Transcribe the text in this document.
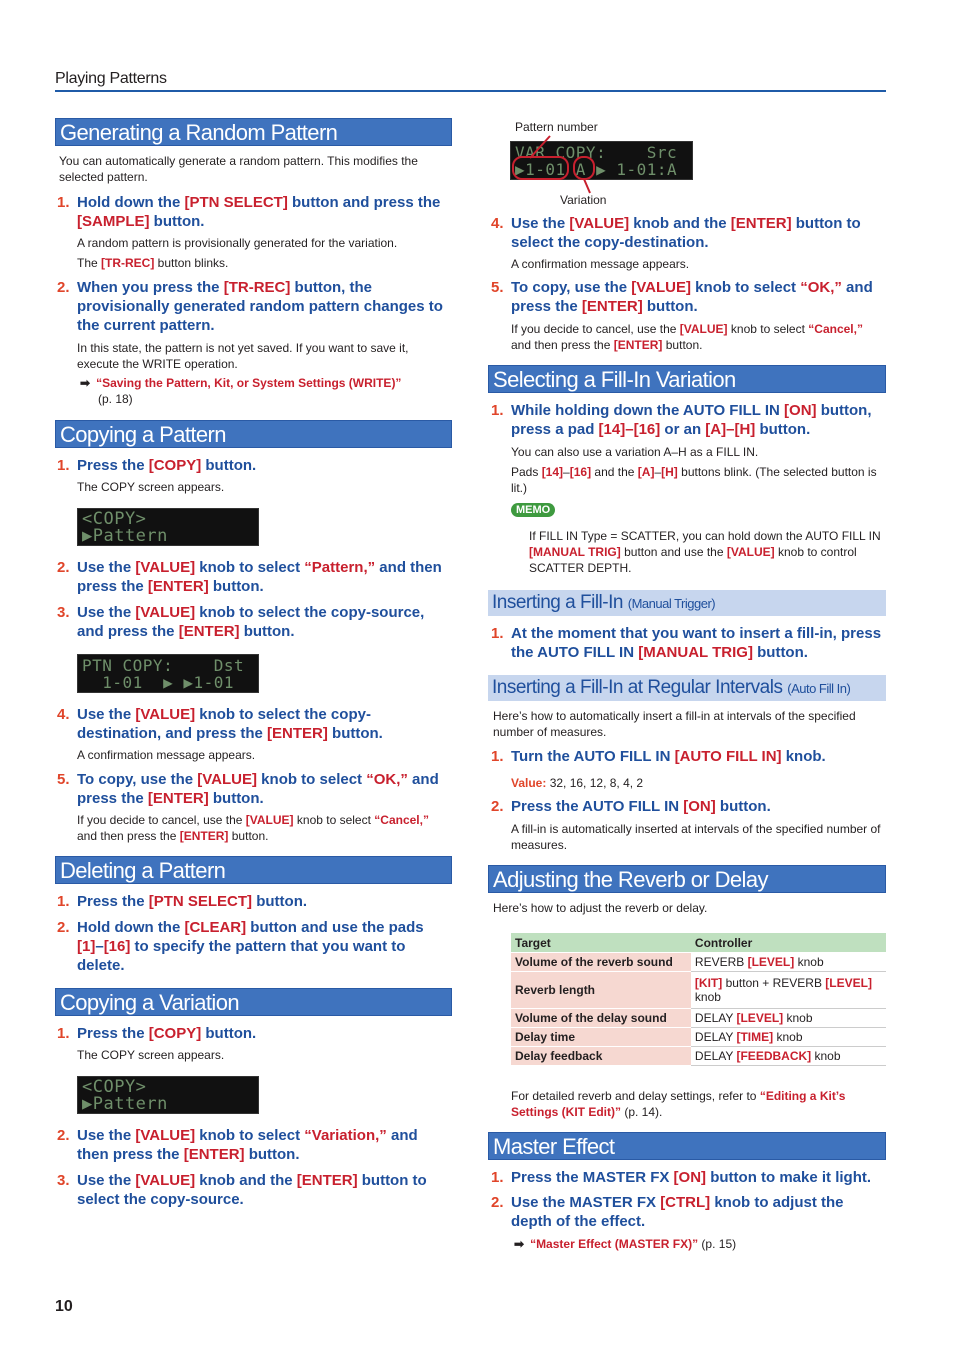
Playing Patterns
Generating a Random Pattern
You can automatically generate a random pattern. This modifies the selected pattern.
1. Hold down the [PTN SELECT] button and press the [SAMPLE] button.
A random pattern is provisionally generated for the variation.
The [TR-REC] button blinks.
2. When you press the [TR-REC] button, the provisionally generated random pattern changes to the current pattern.
In this state, the pattern is not yet saved. If you want to save it, execute the WRITE operation.
➡ “Saving the Pattern, Kit, or System Settings (WRITE)”
(p. 18)
Copying a Pattern
1. Press the [COPY] button.
The COPY screen appears.
<COPY>
▶Pattern
2. Use the [VALUE] knob to select “Pattern,” and then press the [ENTER] button.
3. Use the [VALUE] knob to select the copy-source, and press the [ENTER] button.
PTN COPY:    Dst
1-01  ▶ ▶1-01
4. Use the [VALUE] knob to select the copy-destination, and press the [ENTER] button.
A confirmation message appears.
5. To copy, use the [VALUE] knob to select “OK,” and press the [ENTER] button.
If you decide to cancel, use the [VALUE] knob to select “Cancel,” and then press the [ENTER] button.
Deleting a Pattern
1. Press the [PTN SELECT] button.
2. Hold down the [CLEAR] button and use the pads [1]–[16] to specify the pattern that you want to delete.
Copying a Variation
1. Press the [COPY] button.
The COPY screen appears.
<COPY>
▶Pattern
2. Use the [VALUE] knob to select “Variation,” and then press the [ENTER] button.
3. Use the [VALUE] knob and the [ENTER] button to select the copy-source.
Pattern number
VAR COPY:    Src
▶1-01 A ▶ 1-01:A
Variation
4. Use the [VALUE] knob and the [ENTER] button to select the copy-destination.
A confirmation message appears.
5. To copy, use the [VALUE] knob to select “OK,” and press the [ENTER] button.
If you decide to cancel, use the [VALUE] knob to select “Cancel,” and then press the [ENTER] button.
Selecting a Fill-In Variation
1. While holding down the AUTO FILL IN [ON] button, press a pad [14]–[16] or an [A]–[H] button.
You can also use a variation A–H as a FILL IN.
Pads [14]–[16] and the [A]–[H] buttons blink. (The selected button is lit.)
MEMO
If FILL IN Type = SCATTER, you can hold down the AUTO FILL IN [MANUAL TRIG] button and use the [VALUE] knob to control SCATTER DEPTH.
Inserting a Fill-In (Manual Trigger)
1. At the moment that you want to insert a fill-in, press the AUTO FILL IN [MANUAL TRIG] button.
Inserting a Fill-In at Regular Intervals (Auto Fill In)
Here’s how to automatically insert a fill-in at intervals of the specified number of measures.
1. Turn the AUTO FILL IN [AUTO FILL IN] knob.
Value: 32, 16, 12, 8, 4, 2
2. Press the AUTO FILL IN [ON] button.
A fill-in is automatically inserted at intervals of the specified number of measures.
Adjusting the Reverb or Delay
Here’s how to adjust the reverb or delay.
Target	Controller
Volume of the reverb sound	REVERB [LEVEL] knob
Reverb length	[KIT] button + REVERB [LEVEL] knob
Volume of the delay sound	DELAY [LEVEL] knob
Delay time	DELAY [TIME] knob
Delay feedback	DELAY [FEEDBACK] knob
For detailed reverb and delay settings, refer to “Editing a Kit’s Settings (KIT Edit)” (p. 14).
Master Effect
1. Press the MASTER FX [ON] button to make it light.
2. Use the MASTER FX [CTRL] knob to adjust the depth of the effect.
➡ “Master Effect (MASTER FX)” (p. 15)
10
